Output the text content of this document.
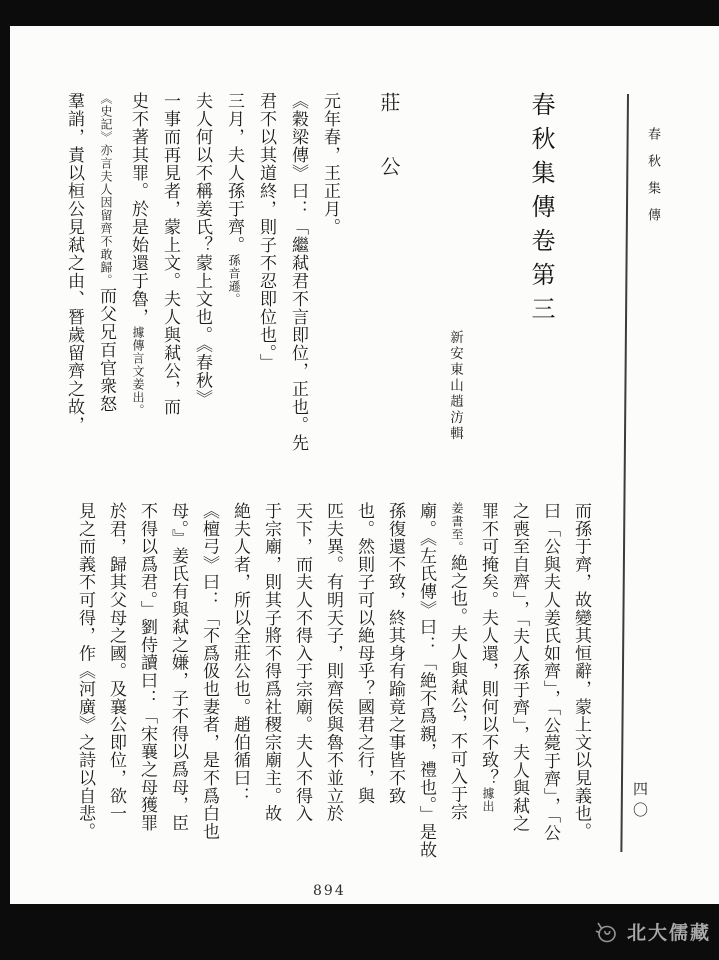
春秋集傳
四〇
春秋集傳卷第三
新安東山趙汸輯
莊　公
元年春，王正月。
《穀梁傳》曰：「繼弒君不言即位，正也。先
君不以其道終，則子不忍即位也。」
三月，夫人孫于齊。孫音遜。
夫人何以不稱姜氏？蒙上文也。《春秋》
一事而再見者，蒙上文。夫人與弒公，而
史不著其罪。於是始還于魯，據傳言文姜出。
《史記》亦言夫人因留齊不敢歸。而父兄百官衆怒
羣誚，責以桓公見弒之由、朁歲留齊之故，
而孫于齊，故變其恒辭，蒙上文以見義也。
曰「公與夫人姜氏如齊」，「公薨于齊」，「公
之喪至自齊」，「夫人孫于齊」，夫人與弒之
罪不可掩矣。夫人還，則何以不致？據出
姜書至。絶之也。夫人與弒公，不可入于宗
廟。《左氏傳》曰：「絶不爲親，禮也。」是故
孫復還不致，終其身有踰竟之事皆不致
也。然則子可以絶母乎？國君之行，與
匹夫異。有明天子，則齊侯與魯不並立於
天下，而夫人不得入于宗廟。夫人不得入
于宗廟，則其子將不得爲社稷宗廟主。故
絶夫人者，所以全莊公也。趙伯循曰：
《檀弓》曰：「不爲伋也妻者，是不爲白也
母。』姜氏有與弒之嫌，子不得以爲母，臣
不得以爲君。」劉侍讀曰：「宋襄之母獲罪
於君，歸其父母之國。及襄公即位，欲一
見之而義不可得，作《河廣》之詩以自悲。
894
北大儒藏
